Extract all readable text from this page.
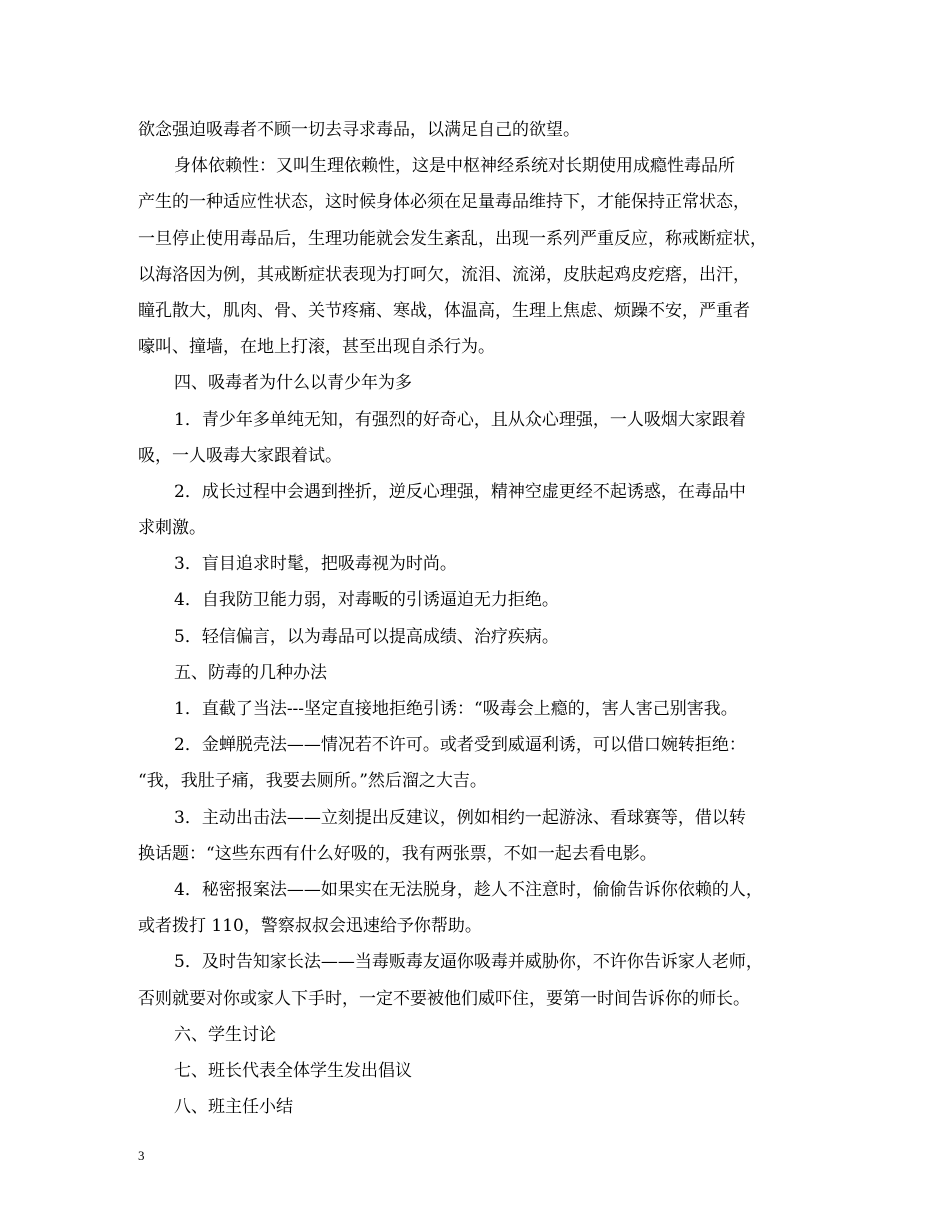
欲念强迫吸毒者不顾一切去寻求毒品，以满足自己的欲望。
身体依赖性：又叫生理依赖性，这是中枢神经系统对长期使用成瘾性毒品所
产生的一种适应性状态，这时候身体必须在足量毒品维持下，才能保持正常状态，
一旦停止使用毒品后，生理功能就会发生紊乱，出现一系列严重反应，称戒断症状，
以海洛因为例，其戒断症状表现为打呵欠，流泪、流涕，皮肤起鸡皮疙瘩，出汗，
瞳孔散大，肌肉、骨、关节疼痛、寒战，体温高，生理上焦虑、烦躁不安，严重者
嚎叫、撞墙，在地上打滚，甚至出现自杀行为。
四、吸毒者为什么以青少年为多
1．青少年多单纯无知，有强烈的好奇心，且从众心理强，一人吸烟大家跟着
吸，一人吸毒大家跟着试。
2．成长过程中会遇到挫折，逆反心理强，精神空虚更经不起诱惑，在毒品中
求刺激。
3．盲目追求时髦，把吸毒视为时尚。
4．自我防卫能力弱，对毒畈的引诱逼迫无力拒绝。
5．轻信偏言，以为毒品可以提高成绩、治疗疾病。
五、防毒的几种办法
1．直截了当法---坚定直接地拒绝引诱：“吸毒会上瘾的，害人害己别害我。
2．金蝉脱壳法——情况若不许可。或者受到威逼利诱，可以借口婉转拒绝：
“我，我肚子痛，我要去厕所。”然后溜之大吉。
3．主动出击法——立刻提出反建议，例如相约一起游泳、看球赛等，借以转
换话题：“这些东西有什么好吸的，我有两张票，不如一起去看电影。
4．秘密报案法——如果实在无法脱身，趁人不注意时，偷偷告诉你依赖的人，
或者拨打 110，警察叔叔会迅速给予你帮助。
5．及时告知家长法——当毒贩毒友逼你吸毒并威胁你，不许你告诉家人老师，
否则就要对你或家人下手时，一定不要被他们威吓住，要第一时间告诉你的师长。
六、学生讨论
七、班长代表全体学生发出倡议
八、班主任小结
3
